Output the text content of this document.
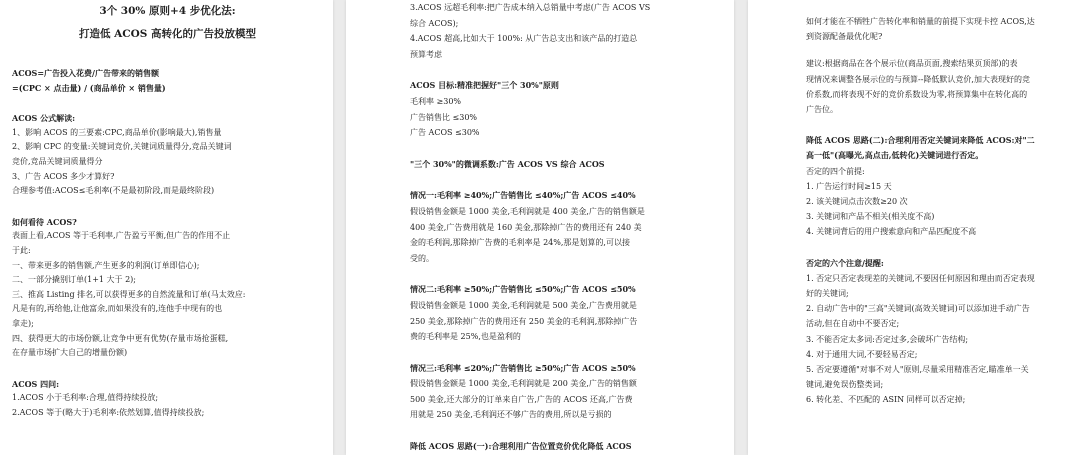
3个 30% 原则+4 步优化法:

打造低 ACOS 高转化的广告投放模型

ACOS=广告投入花费/广告带来的销售额

=(CPC × 点击量) / (商品单价 × 销售量)

ACOS 公式解读:

1、影响 ACOS 的三要素:CPC,商品单价(影响最大),销售量

2、影响 CPC 的变量:关键词竞价,关键词质量得分,竞品关键词

竞价,竞品关键词质量得分

3、广告 ACOS 多少才算好?

合理参考值:ACOS≤毛利率(不是最初阶段,而是最终阶段)

如何看待 ACOS?

表面上看,ACOS 等于毛利率,广告盈亏平衡,但广告的作用不止

于此:

一、带来更多的销售额,产生更多的利润(订单即信心);

二、一部分撬别订单(1+1 大于 2);

三、推高 Listing 排名,可以获得更多的自然流量和订单(马太效应:

凡是有的,再给他,让他富余,而如果没有的,连他手中现有的也

拿走);

四、获得更大的市场份额,让竞争中更有优势(存量市场抢蛋糕,

在存量市场扩大自己的增量份额)

ACOS 四问:

1.ACOS 小于毛利率:合理,值得持续投放;

2.ACOS 等于(略大于)毛利率:依然划算,值得持续投放;

3.ACOS 远超毛利率:把广告成本纳入总销量中考虑(广告 ACOS VS

综合 ACOS);

4.ACOS 超高,比如大于 100%: 从广告总支出和该产品的打造总

预算考虑

ACOS 目标:精准把握好"三个 30%"原则

毛利率 ≥30%

广告销售比 ≤30%

广告 ACOS ≤30%

"三个 30%"的微调系数:广告 ACOS VS 综合 ACOS

情况一:毛利率 ≥40%;广告销售比 ≤40%;广告 ACOS ≤40%

假设销售金额是 1000 美金,毛利润就是 400 美金,广告的销售额是

400 美金,广告费用就是 160 美金,那除掉广告的费用还有 240 美

金的毛利润,那除掉广告费的毛利率是 24%,那是划算的,可以接

受的。

情况二:毛利率 ≥50%;广告销售比 ≤50%;广告 ACOS ≤50%

假设销售金额是 1000 美金,毛利润就是 500 美金,广告费用就是

250 美金,那除掉广告的费用还有 250 美金的毛利润,那除掉广告

费的毛利率是 25%,也是盈利的

情况三:毛利率 ≤20%;广告销售比 ≥50%;广告 ACOS ≥50%

假设销售金额是 1000 美金,毛利润就是 200 美金,广告的销售额

500 美金,还大部分的订单来自广告,广告的 ACOS 还高,广告费

用就是 250 美金,毛利润还不够广告的费用,所以是亏损的

降低 ACOS 思路(一):合理利用广告位置竞价优化降低 ACOS

如何才能在不牺牲广告转化率和销量的前提下实现卡控 ACOS,达

到资源配备最优化呢?

建议:根据商品在各个展示位(商品页面,搜索结果页顶部)的表

现情况来调整各展示位的与预算--降低默认竞价,加大表现好的竞

价系数,而将表现不好的竞价系数设为零,将预算集中在转化高的

广告位。

降低 ACOS 思路(二):合理利用否定关键词来降低 ACOS:对"二

高一低"(高曝光,高点击,低转化)关键词进行否定。

否定的四个前提:

1. 广告运行时间≥15 天

2. 该关键词点击次数≥20 次

3. 关键词和产品不相关(相关度不高)

4. 关键词背后的用户搜索意向和产品匹配度不高

否定的六个注意/提醒:

1. 否定只否定表现差的关键词,不要因任何原因和理由而否定表现

好的关键词;

2. 自动广告中的"三高"关键词(高效关键词)可以添加进手动广告

活动,但在自动中不要否定;

3. 不能否定太多词:否定过多,会破坏广告结构;

4. 对于通用大词,不要轻易否定;

5. 否定要遵循"对事不对人"原则,尽量采用精准否定,瞄准单一关

键词,避免误伤整类词;

6. 转化差、不匹配的 ASIN 同样可以否定掉;
